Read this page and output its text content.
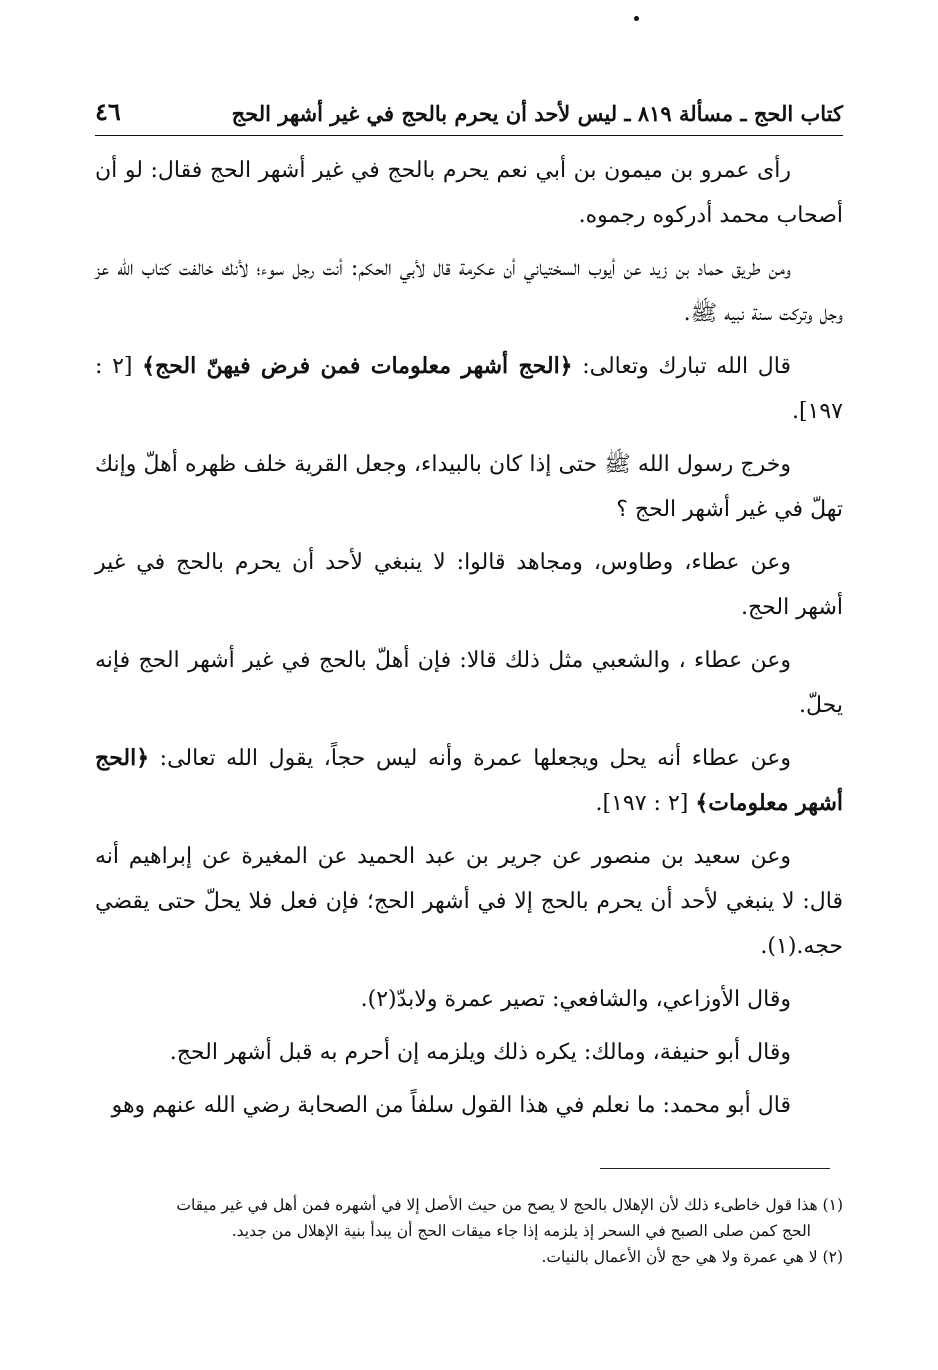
كتاب الحج ـ مسألة ٨١٩ ـ ليس لأحد أن يحرم بالحج في غير أشهر الحج
٤٦

رأى عمرو بن ميمون بن أبي نعم يحرم بالحج في غير أشهر الحج فقال: لو أن أصحاب محمد أدركوه رجموه.

ومن طريق حماد بن زيد عن أيوب السختياني أن عكرمة قال لأبي الحكم: أنت رجل سوء؛ لأنك خالفت كتاب الله عز وجل وتركت سنة نبيه ﷺ.

قال الله تبارك وتعالى: ﴿الحج أشهر معلومات فمن فرض فيهنّ الحج﴾ [٢ : ١٩٧].

وخرج رسول الله ﷺ حتى إذا كان بالبيداء، وجعل القرية خلف ظهره أهلّ وإنك تهلّ في غير أشهر الحج ؟

وعن عطاء، وطاوس، ومجاهد قالوا: لا ينبغي لأحد أن يحرم بالحج في غير أشهر الحج.

وعن عطاء ، والشعبي مثل ذلك قالا: فإن أهلّ بالحج في غير أشهر الحج فإنه يحلّ.

وعن عطاء أنه يحل ويجعلها عمرة وأنه ليس حجاً، يقول الله تعالى: ﴿الحج أشهر معلومات﴾ [٢ : ١٩٧].

وعن سعيد بن منصور عن جرير بن عبد الحميد عن المغيرة عن إبراهيم أنه قال: لا ينبغي لأحد أن يحرم بالحج إلا في أشهر الحج؛ فإن فعل فلا يحلّ حتى يقضي حجه.(١).

وقال الأوزاعي، والشافعي: تصير عمرة ولابدّ(٢).

وقال أبو حنيفة، ومالك: يكره ذلك ويلزمه إن أحرم به قبل أشهر الحج.

قال أبو محمد: ما نعلم في هذا القول سلفاً من الصحابة رضي الله عنهم وهو

(١) هذا قول خاطىء ذلك لأن الإهلال بالحج لا يصح من حيث الأصل إلا في أشهره فمن أهل في غير ميقات

الحج كمن صلى الصبح في السحر إذ يلزمه إذا جاء ميقات الحج أن يبدأ بنية الإهلال من جديد.

(٢) لا هي عمرة ولا هي حج لأن الأعمال بالنيات.
